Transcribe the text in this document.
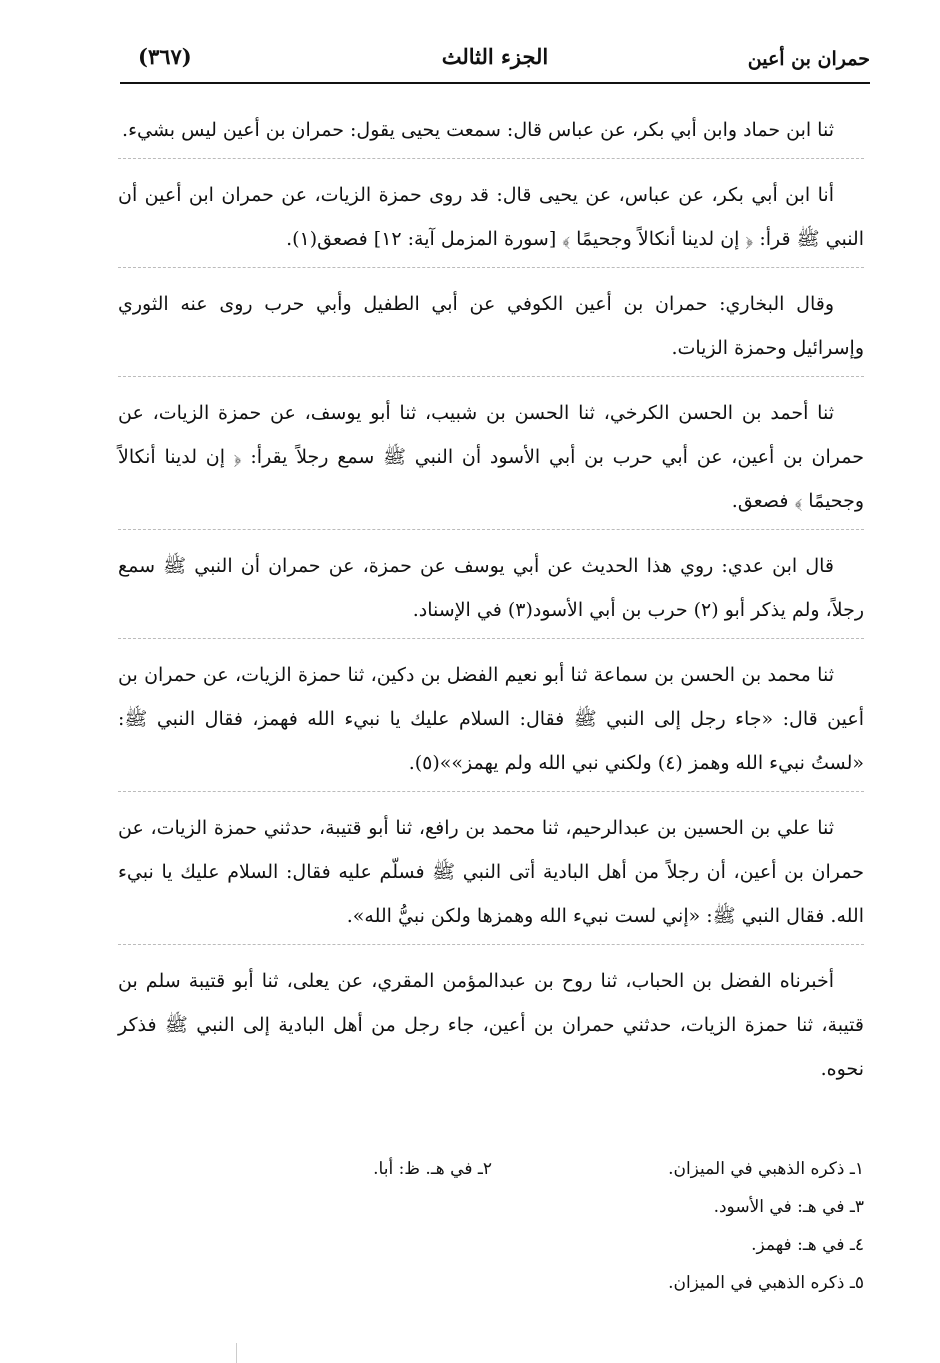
(٣٦٧)	الجزء الثالث	حمران بن أعين

ثنا ابن حماد وابن أبي بكر، عن عباس قال: سمعت يحيى يقول: حمران بن أعين ليس بشيء.

أنا ابن أبي بكر، عن عباس، عن يحيى قال: قد روى حمزة الزيات، عن حمران ابن أعين أن النبي ﷺ قرأ: ﴿ إن لدينا أنكالاً وجحيمًا ﴾ [سورة المزمل آية: ١٢] فصعق(١).

وقال البخاري: حمران بن أعين الكوفي عن أبي الطفيل وأبي حرب روى عنه الثوري وإسرائيل وحمزة الزيات.

ثنا أحمد بن الحسن الكرخي، ثنا الحسن بن شبيب، ثنا أبو يوسف، عن حمزة الزيات، عن حمران بن أعين، عن أبي حرب بن أبي الأسود أن النبي ﷺ سمع رجلاً يقرأ: ﴿ إن لدينا أنكالاً وجحيمًا ﴾ فصعق.

قال ابن عدي: روي هذا الحديث عن أبي يوسف عن حمزة، عن حمران أن النبي ﷺ سمع رجلاً، ولم يذكر أبو (٢) حرب بن أبي الأسود(٣) في الإسناد.

ثنا محمد بن الحسن بن سماعة ثنا أبو نعيم الفضل بن دكين، ثنا حمزة الزيات، عن حمران بن أعين قال: «جاء رجل إلى النبي ﷺ فقال: السلام عليك يا نبيء الله فهمز، فقال النبي ﷺ: «لستُ نبيء الله وهمز (٤) ولكني نبي الله ولم يهمز»»(٥).

ثنا علي بن الحسين بن عبدالرحيم، ثنا محمد بن رافع، ثنا أبو قتيبة، حدثني حمزة الزيات، عن حمران بن أعين، أن رجلاً من أهل البادية أتى النبي ﷺ فسلّم عليه فقال: السلام عليك يا نبيء الله. فقال النبي ﷺ: «إني لست نبيء الله وهمزها ولكن نبيُّ الله».

أخبرناه الفضل بن الحباب، ثنا روح بن عبدالمؤمن المقري، عن يعلى، ثنا أبو قتيبة سلم بن قتيبة، ثنا حمزة الزيات، حدثني حمران بن أعين، جاء رجل من أهل البادية إلى النبي ﷺ فذكر نحوه.

١ـ ذكره الذهبي في الميزان.
٢ـ في هـ. ظ: أبا.
٣ـ في هـ: في الأسود.
٤ـ في هـ: فهمز.
٥ـ ذكره الذهبي في الميزان.
